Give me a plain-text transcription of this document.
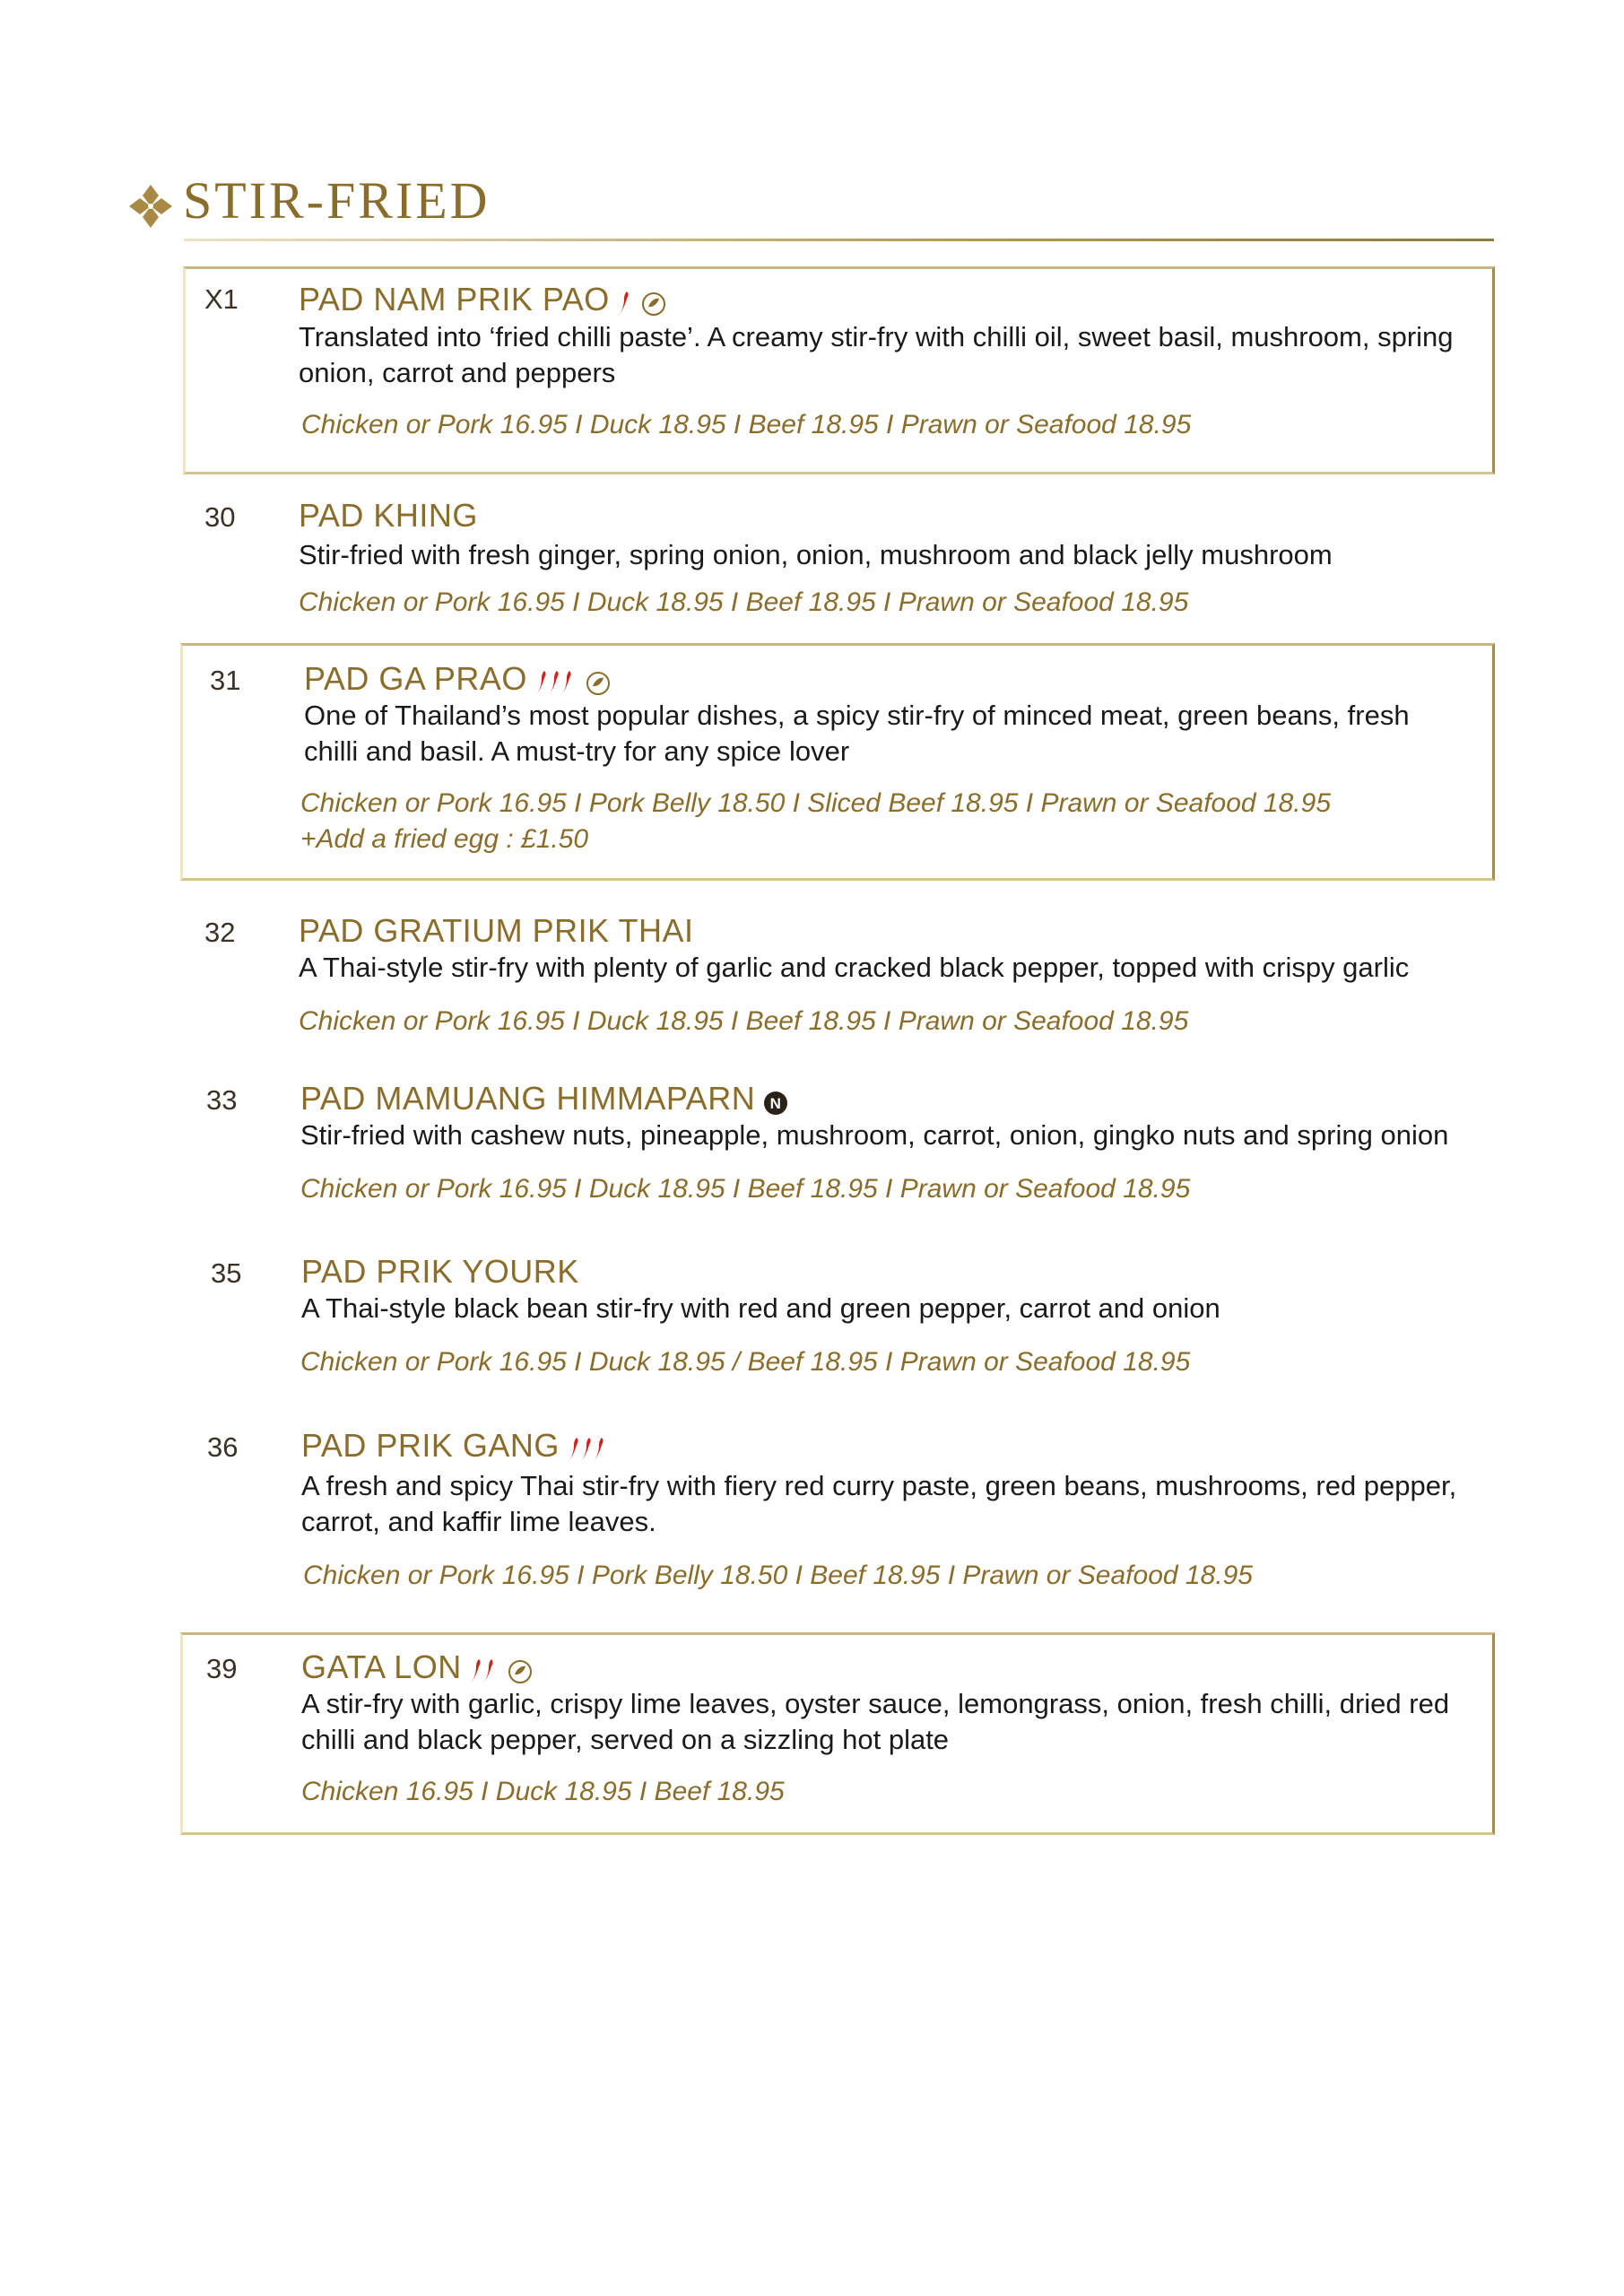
STIR-FRIED
X1 PAD NAM PRIK PAO
Translated into ‘fried chilli paste’. A creamy stir-fry with chilli oil, sweet basil, mushroom, spring onion, carrot and peppers
Chicken or Pork 16.95 I Duck 18.95 I Beef 18.95 I Prawn or Seafood 18.95
30 PAD KHING
Stir-fried with fresh ginger, spring onion, onion, mushroom and black jelly mushroom
Chicken or Pork 16.95 I Duck 18.95 I Beef 18.95 I Prawn or Seafood 18.95
31 PAD GA PRAO
One of Thailand’s most popular dishes, a spicy stir-fry of minced meat, green beans, fresh chilli and basil. A must-try for any spice lover
Chicken or Pork 16.95 I Pork Belly 18.50 I Sliced Beef 18.95 I Prawn or Seafood 18.95
+Add a fried egg : £1.50
32 PAD GRATIUM PRIK THAI
A Thai-style stir-fry with plenty of garlic and cracked black pepper, topped with crispy garlic
Chicken or Pork 16.95 I Duck 18.95 I Beef 18.95 I Prawn or Seafood 18.95
33 PAD MAMUANG HIMMAPARN N
Stir-fried with cashew nuts, pineapple, mushroom, carrot, onion, gingko nuts and spring onion
Chicken or Pork 16.95 I Duck 18.95 I Beef 18.95 I Prawn or Seafood 18.95
35 PAD PRIK YOURK
A Thai-style black bean stir-fry with red and green pepper, carrot and onion
Chicken or Pork 16.95 I Duck 18.95 / Beef 18.95 I Prawn or Seafood 18.95
36 PAD PRIK GANG
A fresh and spicy Thai stir-fry with fiery red curry paste, green beans, mushrooms, red pepper, carrot, and kaffir lime leaves.
Chicken or Pork 16.95 I Pork Belly 18.50 I Beef 18.95 I Prawn or Seafood 18.95
39 GATA LON
A stir-fry with garlic, crispy lime leaves, oyster sauce, lemongrass, onion, fresh chilli, dried red chilli and black pepper, served on a sizzling hot plate
Chicken 16.95 I Duck 18.95 I Beef 18.95
